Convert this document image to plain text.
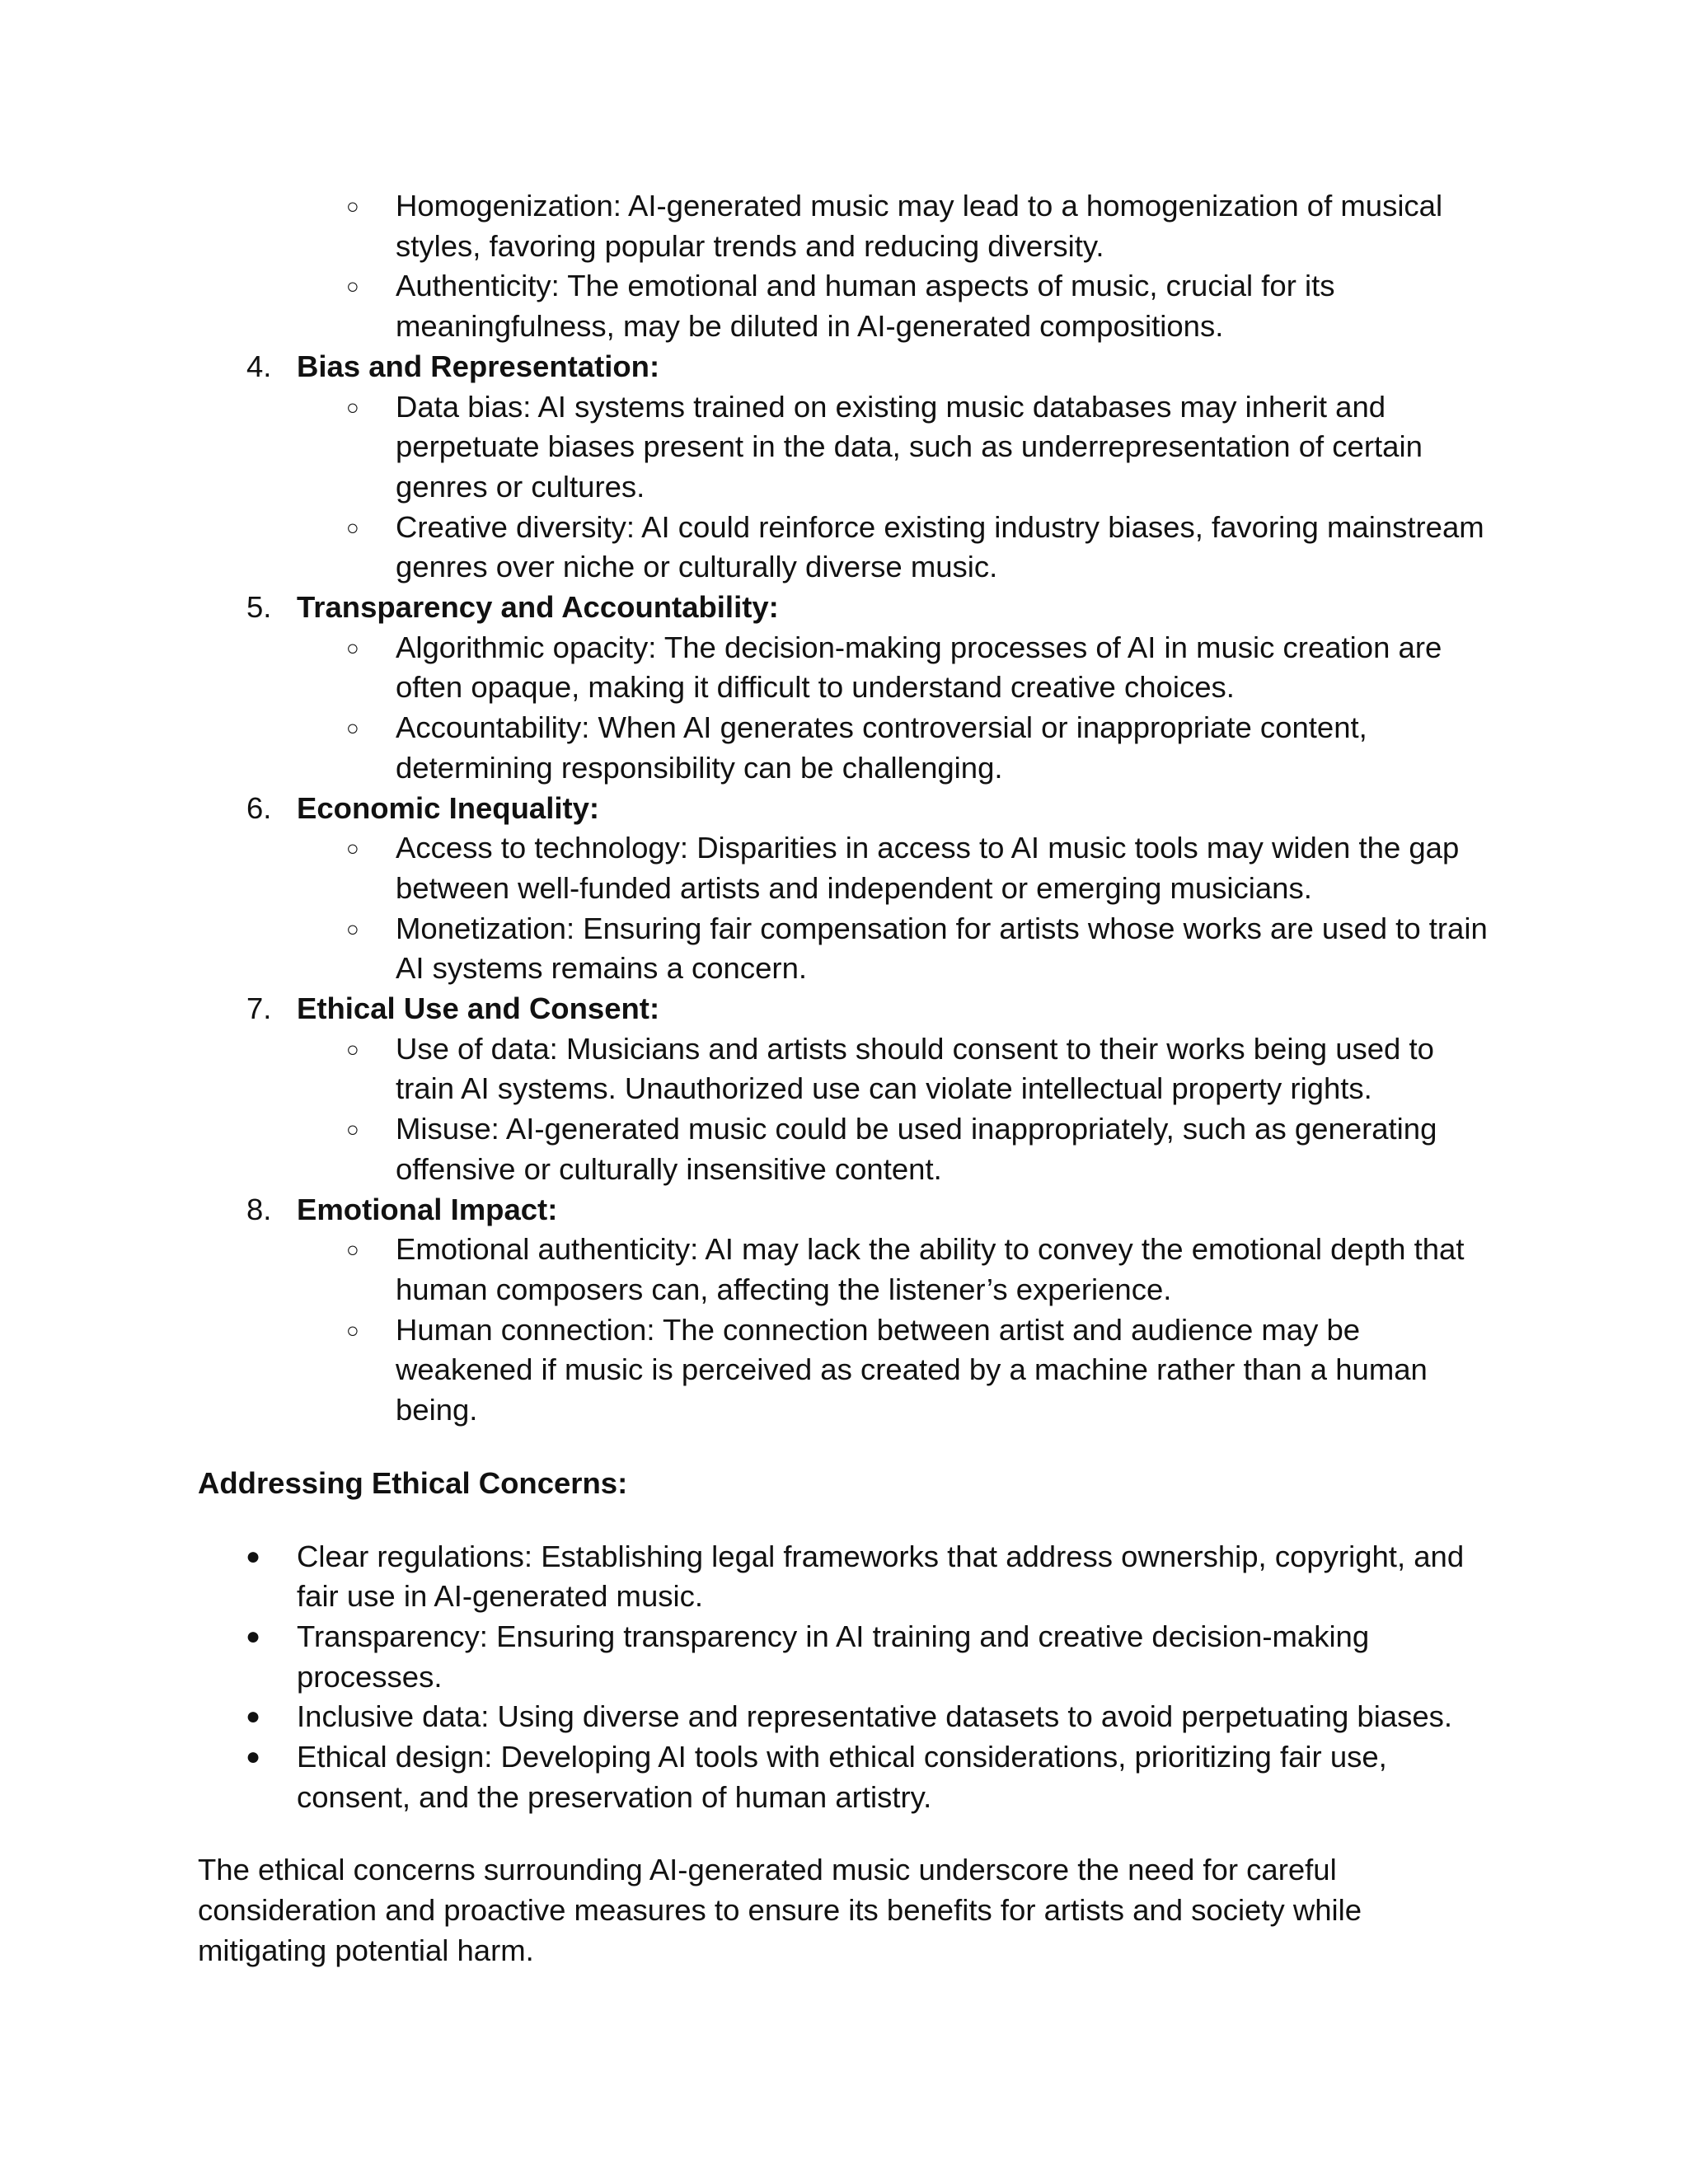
○ Homogenization: AI-generated music may lead to a homogenization of musical styles, favoring popular trends and reducing diversity.
○ Authenticity: The emotional and human aspects of music, crucial for its meaningfulness, may be diluted in AI-generated compositions.
4. Bias and Representation:
○ Data bias: AI systems trained on existing music databases may inherit and perpetuate biases present in the data, such as underrepresentation of certain genres or cultures.
○ Creative diversity: AI could reinforce existing industry biases, favoring mainstream genres over niche or culturally diverse music.
5. Transparency and Accountability:
○ Algorithmic opacity: The decision-making processes of AI in music creation are often opaque, making it difficult to understand creative choices.
○ Accountability: When AI generates controversial or inappropriate content, determining responsibility can be challenging.
6. Economic Inequality:
○ Access to technology: Disparities in access to AI music tools may widen the gap between well-funded artists and independent or emerging musicians.
○ Monetization: Ensuring fair compensation for artists whose works are used to train AI systems remains a concern.
7. Ethical Use and Consent:
○ Use of data: Musicians and artists should consent to their works being used to train AI systems. Unauthorized use can violate intellectual property rights.
○ Misuse: AI-generated music could be used inappropriately, such as generating offensive or culturally insensitive content.
8. Emotional Impact:
○ Emotional authenticity: AI may lack the ability to convey the emotional depth that human composers can, affecting the listener’s experience.
○ Human connection: The connection between artist and audience may be weakened if music is perceived as created by a machine rather than a human being.
Addressing Ethical Concerns:
● Clear regulations: Establishing legal frameworks that address ownership, copyright, and fair use in AI-generated music.
● Transparency: Ensuring transparency in AI training and creative decision-making processes.
● Inclusive data: Using diverse and representative datasets to avoid perpetuating biases.
● Ethical design: Developing AI tools with ethical considerations, prioritizing fair use, consent, and the preservation of human artistry.
The ethical concerns surrounding AI-generated music underscore the need for careful consideration and proactive measures to ensure its benefits for artists and society while mitigating potential harm.
